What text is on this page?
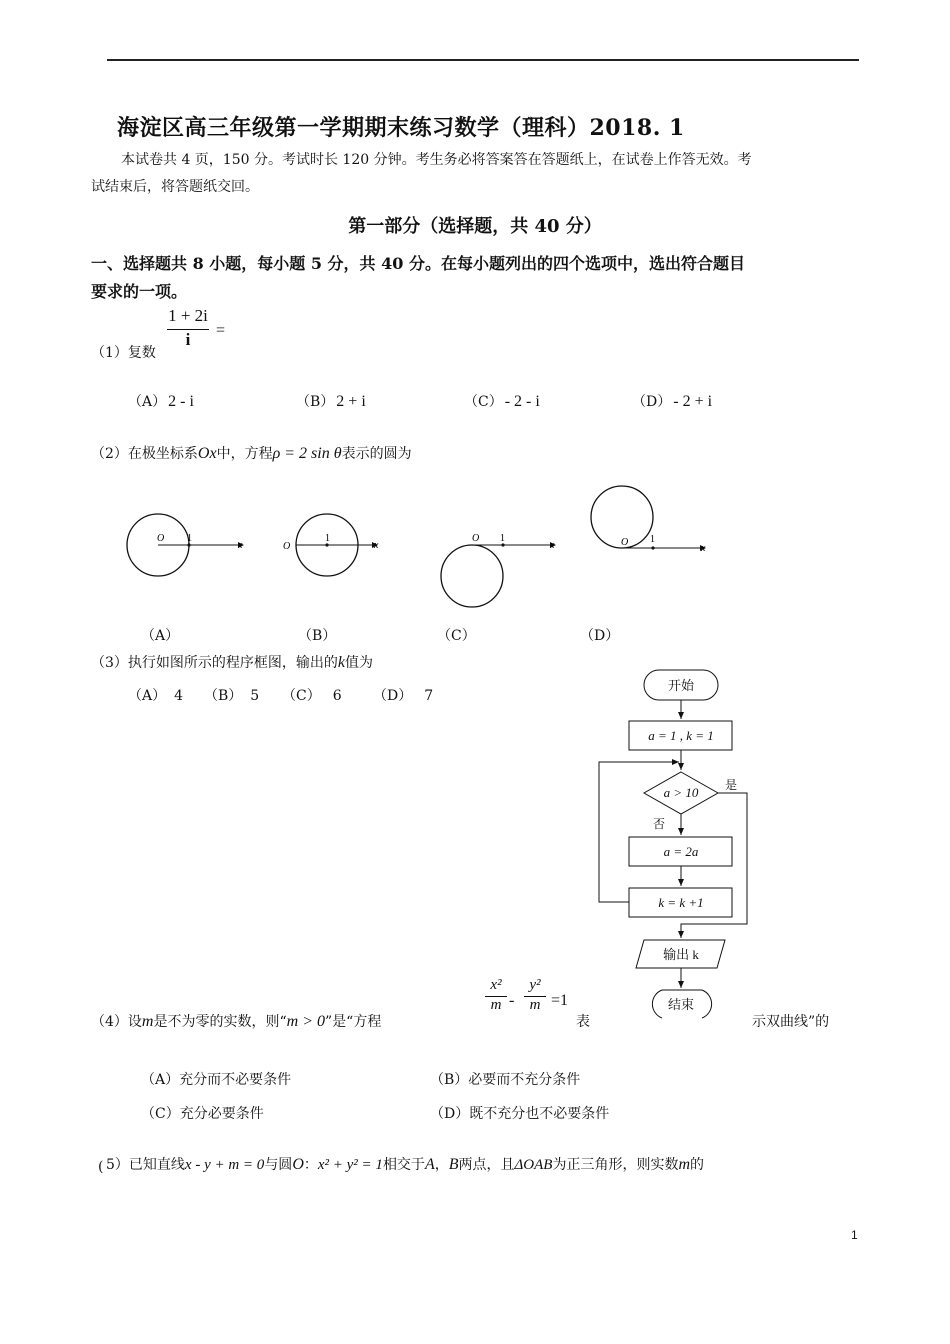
海淀区高三年级第一学期期末练习数学（理科）2018. 1

本试卷共 4 页，150 分。考试时长 120 分钟。考生务必将答案答在答题纸上，在试卷上作答无效。考

试结束后，将答题纸交回。

第一部分（选择题，共 40 分）
一、选择题共 8 小题，每小题 5 分，共 40 分。在每小题列出的四个选项中，选出符合题目
要求的一项。
（1）复数
1 + 2i
i	=
（A） 2 - i	（B） 2 + i	（C） - 2 - i	（D） - 2 + i
（2）在极坐标系Ox中，方程ρ = 2 sin θ表示的圆为
O 1
x	O
1
x
O 1
x	O 1
x
（A）	（B）	（C）	（D）
（3）执行如图所示的程序框图，输出的k值为
（A） 4 （B） 5 （C） 6 （D） 7
开始
a = 1 , k = 1
a > 10 是
否
a = 2a
k = k +1
输出 k
结束
（4）设m是不为零的实数，则“m > 0”是“方程
x²
m -
y²
m =1
表	示双曲线”的
（A）充分而不必要条件	（B）必要而不充分条件
（C）充分必要条件	（D）既不充分也不必要条件
( 5）已知直线x - y + m = 0与圆O：x² + y² = 1相交于A，B两点，且ΔOAB为正三角形，则实数m的
1
